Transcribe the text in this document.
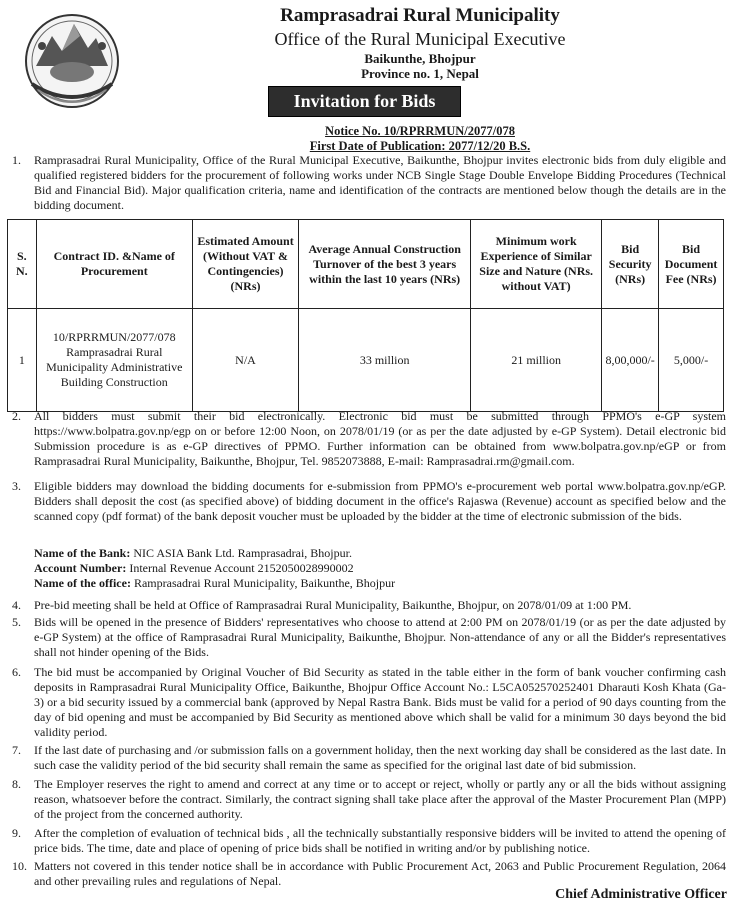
Ramprasadrai Rural Municipality
Office of the Rural Municipal Executive
Baikunthe, Bhojpur
Province no. 1, Nepal
Invitation for Bids
Notice No. 10/RPRRMUN/2077/078
First Date of Publication: 2077/12/20 B.S.
1.	Ramprasadrai Rural Municipality, Office of the Rural Municipal Executive, Baikunthe, Bhojpur invites electronic bids from duly eligible and qualified registered bidders for the procurement of following works under NCB Single Stage Double Envelope Bidding Procedures (Technical Bid and Financial Bid). Major qualification criteria, name and identification of the contracts are mentioned below though the details are in the bidding document.
S. N.	Contract ID. &Name of Procurement	Estimated Amount (Without VAT & Contingencies) (NRs)	Average Annual Construction Turnover of the best 3 years within the last 10 years (NRs)	Minimum work Experience of Similar Size and Nature (NRs. without VAT)	Bid Security (NRs)	Bid Document Fee (NRs)
1	10/RPRRMUN/2077/078 Ramprasadrai Rural Municipality Administrative Building Construction	N/A	33 million	21 million	8,00,000/-	5,000/-
2.	All bidders must submit their bid electronically. Electronic bid must be submitted through PPMO's e-GP system https://www.bolpatra.gov.np/egp on or before 12:00 Noon, on 2078/01/19 (or as per the date adjusted by e-GP System). Detail electronic bid Submission procedure is as e-GP directives of PPMO. Further information can be obtained from www.bolpatra.gov.np/eGP or from Ramprasadrai Rural Municipality, Baikunthe, Bhojpur, Tel. 9852073888, E-mail: Ramprasadrai.rm@gmail.com.
3.	Eligible bidders may download the bidding documents for e-submission from PPMO's e-procurement web portal www.bolpatra.gov.np/eGP. Bidders shall deposit the cost (as specified above) of bidding document in the office's Rajaswa (Revenue) account as specified below and the scanned copy (pdf format) of the bank deposit voucher must be uploaded by the bidder at the time of electronic submission of the bids.
Name of the Bank: NIC ASIA Bank Ltd. Ramprasadrai, Bhojpur.
Account Number: Internal Revenue Account 2152050028990002
Name of the office: Ramprasadrai Rural Municipality, Baikunthe, Bhojpur
4.	Pre-bid meeting shall be held at Office of Ramprasadrai Rural Municipality, Baikunthe, Bhojpur, on 2078/01/09 at 1:00 PM.
5.	Bids will be opened in the presence of Bidders' representatives who choose to attend at 2:00 PM on 2078/01/19 (or as per the date adjusted by e-GP System) at the office of Ramprasadrai Rural Municipality, Baikunthe, Bhojpur. Non-attendance of any or all the Bidder's representatives shall not hinder opening of the Bids.
6.	The bid must be accompanied by Original Voucher of Bid Security as stated in the table either in the form of bank voucher confirming cash deposits in Ramprasadrai Rural Municipality Office, Baikunthe, Bhojpur Office Account No.: L5CA052570252401 Dharauti Kosh Khata (Ga-3) or a bid security issued by a commercial bank (approved by Nepal Rastra Bank. Bids must be valid for a period of 90 days counting from the day of bid opening and must be accompanied by Bid Security as mentioned above which shall be valid for a minimum 30 days beyond the bid validity period.
7.	If the last date of purchasing and /or submission falls on a government holiday, then the next working day shall be considered as the last date. In such case the validity period of the bid security shall remain the same as specified for the original last date of bid submission.
8.	The Employer reserves the right to amend and correct at any time or to accept or reject, wholly or partly any or all the bids without assigning reason, whatsoever before the contract. Similarly, the contract signing shall take place after the approval of the Master Procurement Plan (MPP) of the project from the concerned authority.
9.	After the completion of evaluation of technical bids , all the technically substantially responsive bidders will be invited to attend the opening of price bids. The time, date and place of opening of price bids shall be notified in writing and/or by publishing notice.
10. Matters not covered in this tender notice shall be in accordance with Public Procurement Act, 2063 and Public Procurement Regulation, 2064 and other prevailing rules and regulations of Nepal.
Chief Administrative Officer
